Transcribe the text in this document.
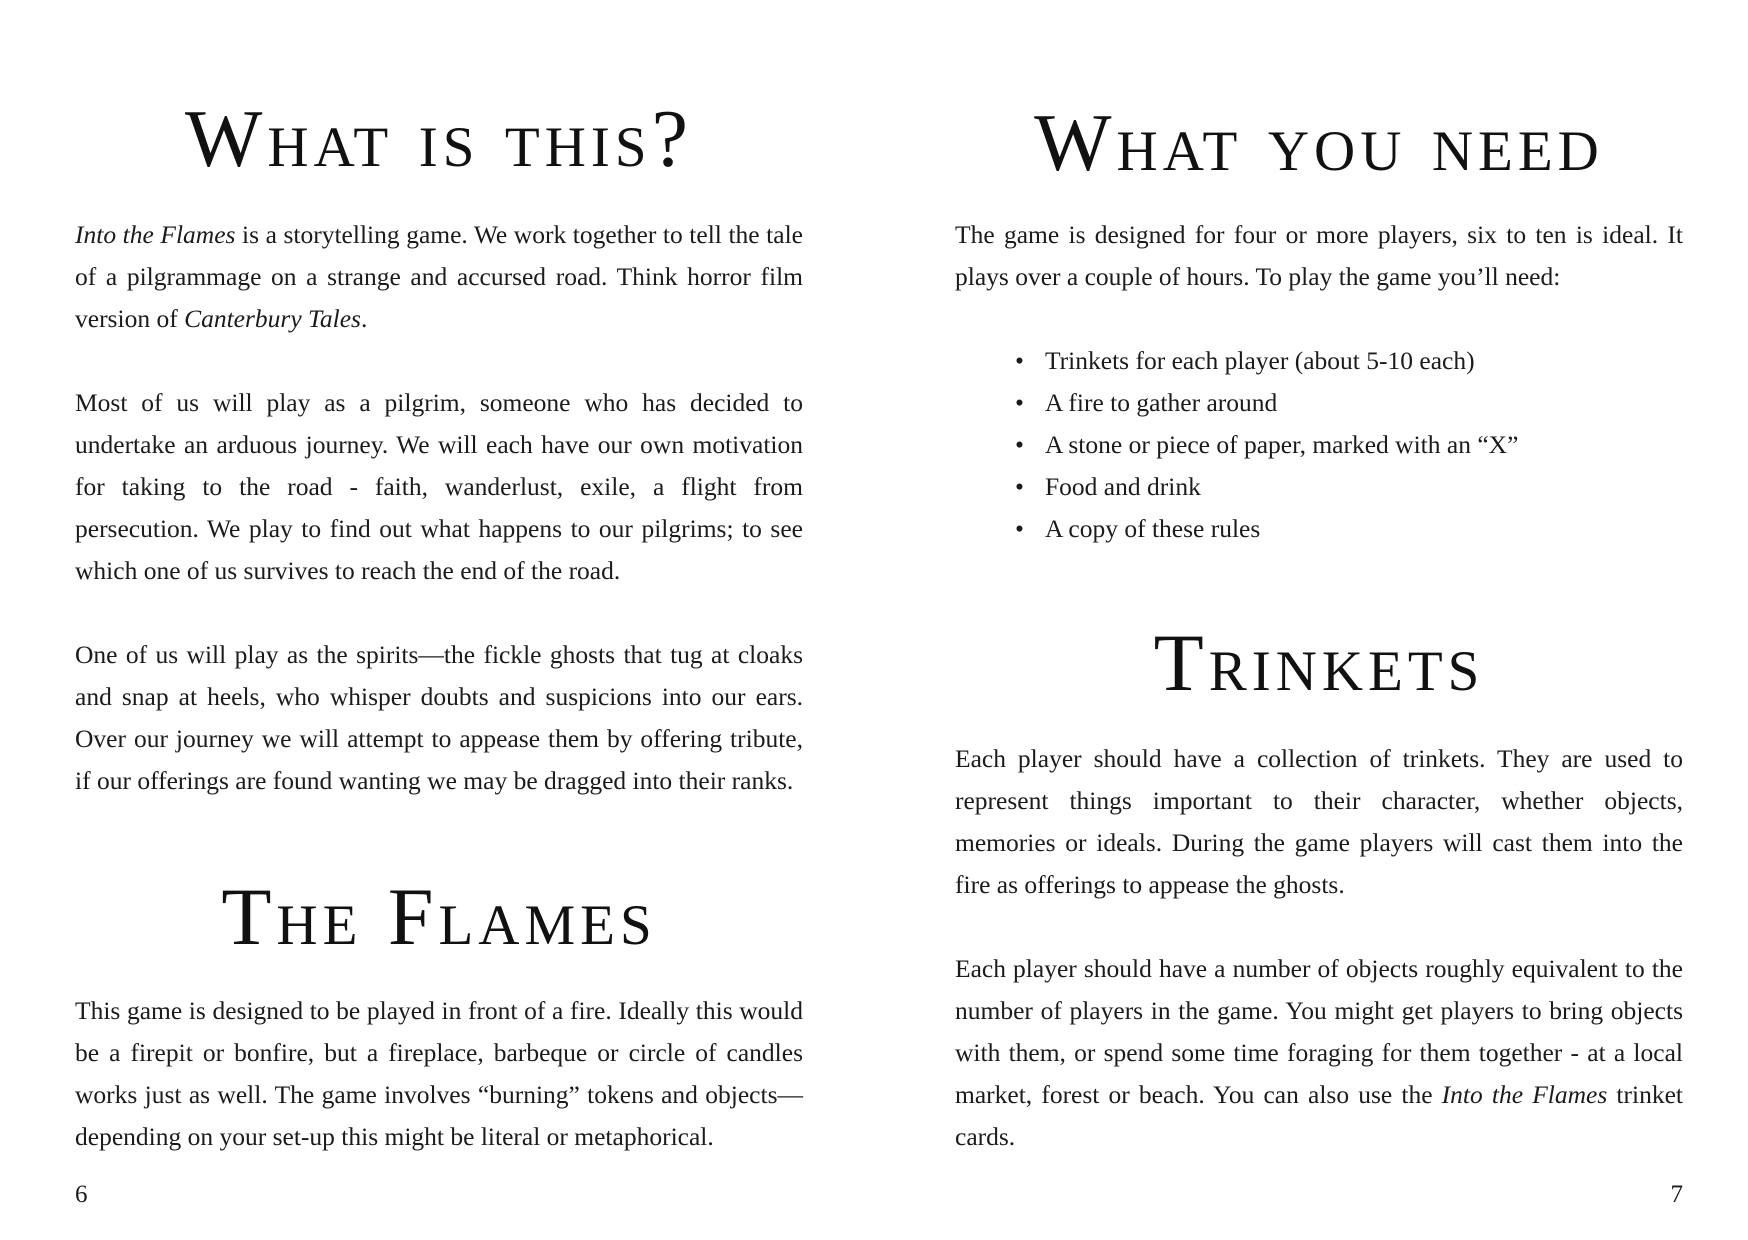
What is this?

Into the Flames is a storytelling game. We work together to tell the tale of a pilgrammage on a strange and accursed road. Think horror film version of Canterbury Tales.

Most of us will play as a pilgrim, someone who has decided to undertake an arduous journey. We will each have our own motivation for taking to the road - faith, wanderlust, exile, a flight from persecution. We play to find out what happens to our pilgrims; to see which one of us survives to reach the end of the road.

One of us will play as the spirits—the fickle ghosts that tug at cloaks and snap at heels, who whisper doubts and suspicions into our ears. Over our journey we will attempt to appease them by offering tribute, if our offerings are found wanting we may be dragged into their ranks.

The Flames

This game is designed to be played in front of a fire. Ideally this would be a firepit or bonfire, but a fireplace, barbeque or circle of candles works just as well. The game involves “burning” tokens and objects—depending on your set-up this might be literal or metaphorical.

6
What you need

The game is designed for four or more players, six to ten is ideal. It plays over a couple of hours. To play the game you’ll need:

• Trinkets for each player (about 5-10 each)
• A fire to gather around
• A stone or piece of paper, marked with an “X”
• Food and drink
• A copy of these rules
Trinkets

Each player should have a collection of trinkets. They are used to represent things important to their character, whether objects, memories or ideals. During the game players will cast them into the fire as offerings to appease the ghosts.

Each player should have a number of objects roughly equivalent to the number of players in the game. You might get players to bring objects with them, or spend some time foraging for them together - at a local market, forest or beach. You can also use the Into the Flames trinket cards.

7
